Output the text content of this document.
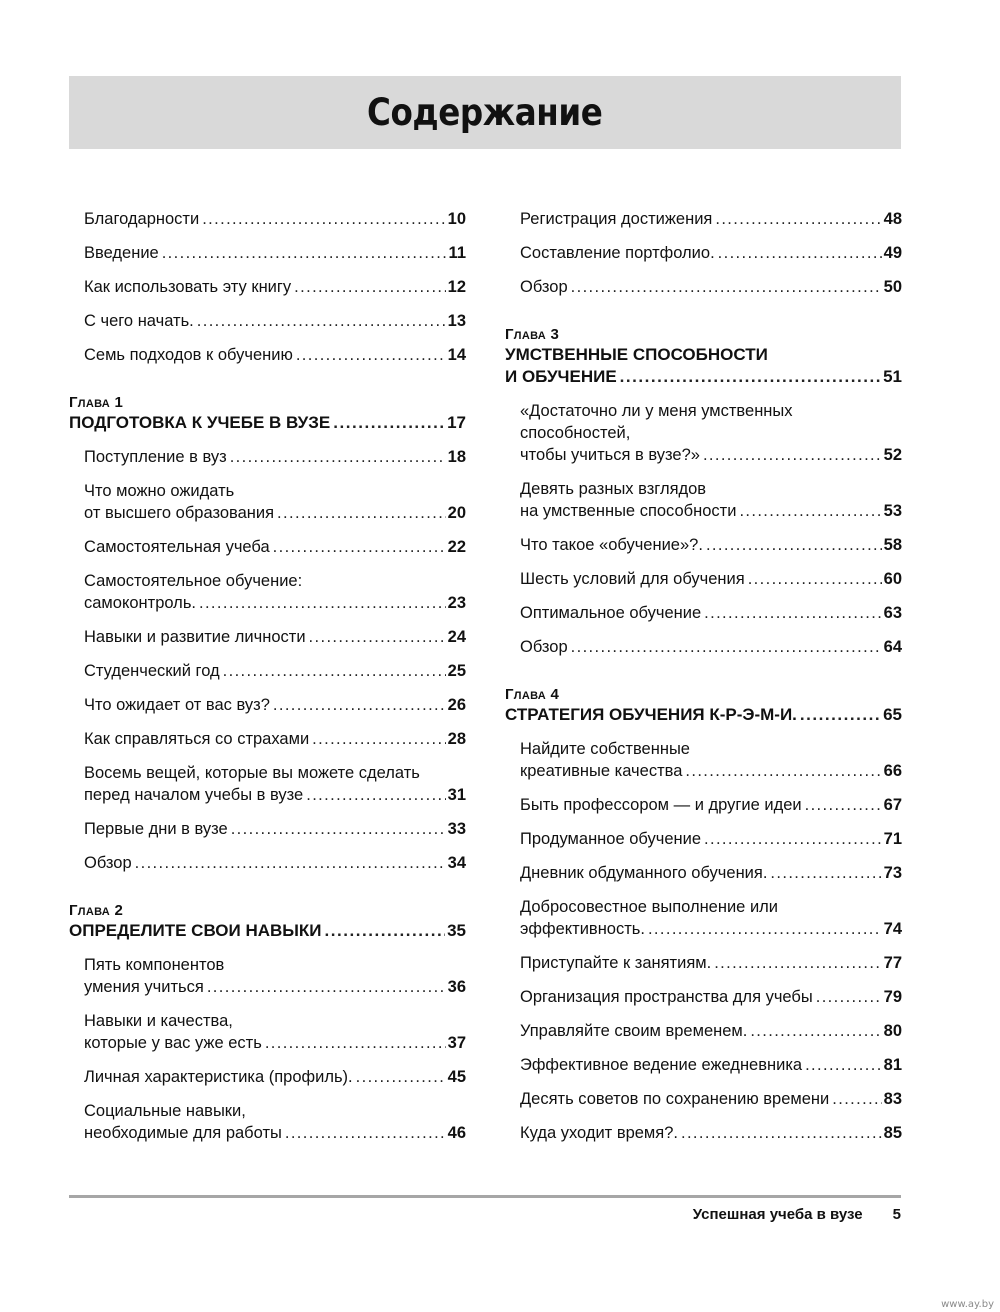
Содержание
Благодарности . . .	10
Введение . . .	11
Как использовать эту книгу . . .	12
С чего начать. . . .	13
Семь подходов к обучению . . .	14
Глава 1
ПОДГОТОВКА К УЧЕБЕ В ВУЗЕ . . .	17
Поступление в вуз . . .	18
Что можно ожидать
от высшего образования . . .	20
Самостоятельная учеба . . .	22
Самостоятельное обучение:
самоконтроль. . . .	23
Навыки и развитие личности . . .	24
Студенческий год . . .	25
Что ожидает от вас вуз? . . .	26
Как справляться со страхами . . .	28
Восемь вещей, которые вы можете сделать
перед началом учебы в вузе . . .	31
Первые дни в вузе . . .	33
Обзор . . .	34
Глава 2
ОПРЕДЕЛИТЕ СВОИ НАВЫКИ . . .	35
Пять компонентов
умения учиться . . .	36
Навыки и качества,
которые у вас уже есть . . .	37
Личная характеристика (профиль). . . .	45
Социальные навыки,
необходимые для работы . . .	46
Регистрация достижения . . .	48
Составление портфолио. . . .	49
Обзор . . .	50
Глава 3
УМСТВЕННЫЕ СПОСОБНОСТИ
И ОБУЧЕНИЕ . . .	51
«Достаточно ли у меня умственных
способностей,
чтобы учиться в вузе?» . . .	52
Девять разных взглядов
на умственные способности . . .	53
Что такое «обучение»?. . . .	58
Шесть условий для обучения . . .	60
Оптимальное обучение . . .	63
Обзор . . .	64
Глава 4
СТРАТЕГИЯ ОБУЧЕНИЯ К-Р-Э-М-И. . . .	65
Найдите собственные
креативные качества . . .	66
Быть профессором — и другие идеи . . .	67
Продуманное обучение . . .	71
Дневник обдуманного обучения. . . .	73
Добросовестное выполнение или
эффективность. . . .	74
Приступайте к занятиям. . . .	77
Организация пространства для учебы . . .	79
Управляйте своим временем. . . .	80
Эффективное ведение ежедневника . . .	81
Десять советов по сохранению времени . . .	83
Куда уходит время?. . . .	85
Успешная учеба в вузе 5
www.ay.by
